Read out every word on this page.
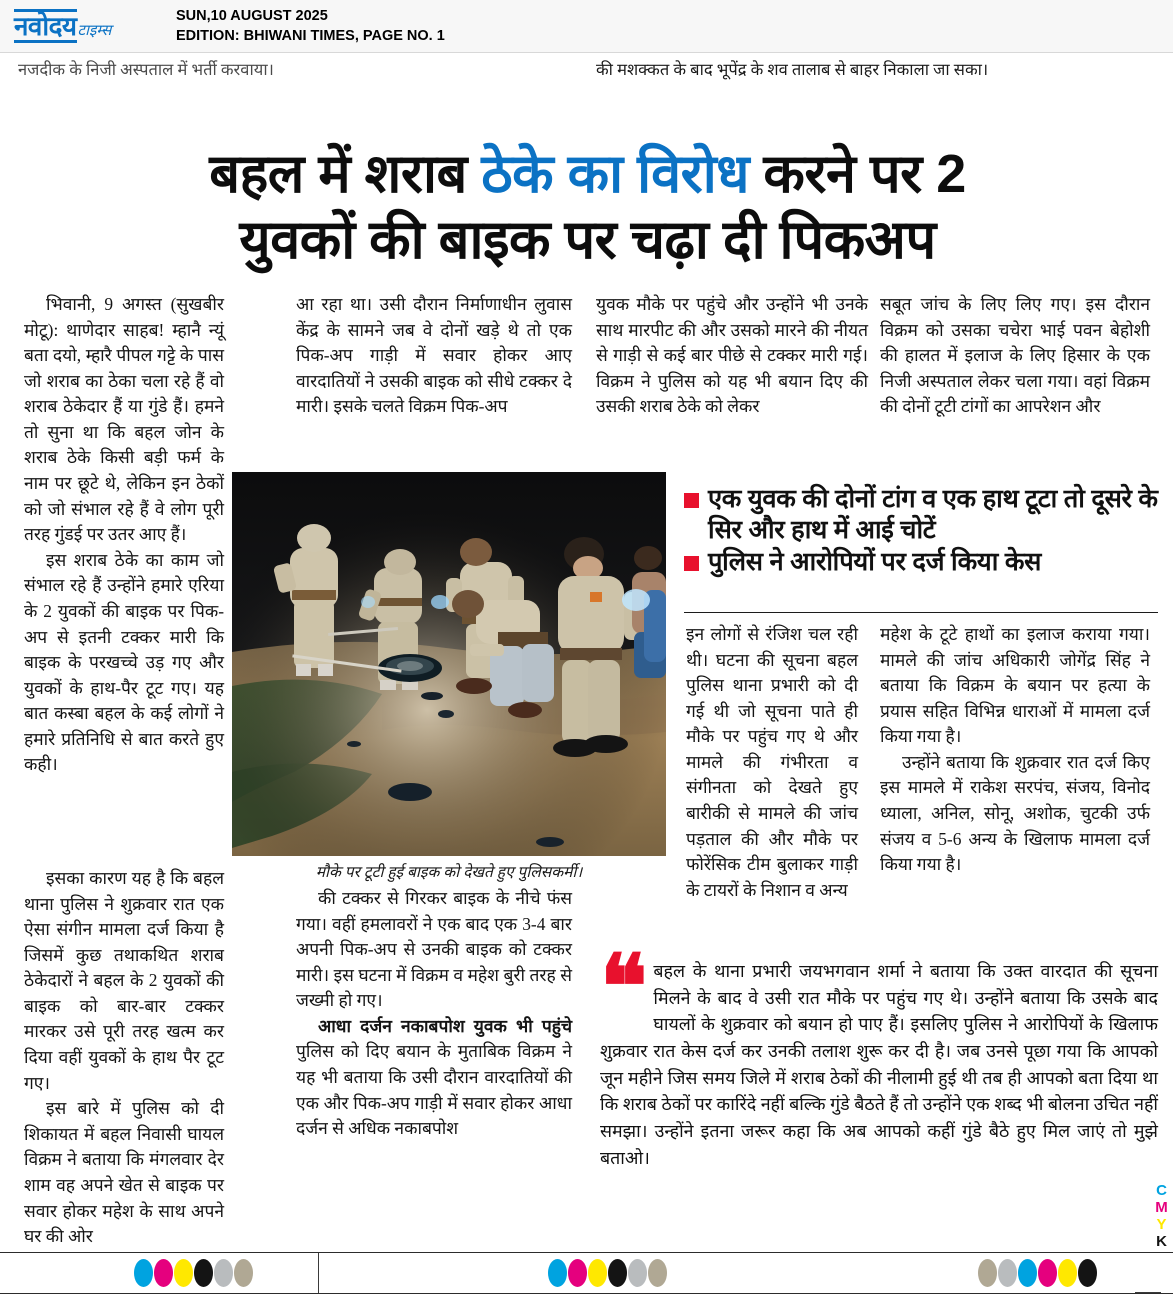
नवोदय टाइम्स
SUN,10 AUGUST 2025
EDITION: BHIWANI TIMES, PAGE NO. 1
नजदीक के निजी अस्पताल में भर्ती करवाया।	की मशक्कत के बाद भूपेंद्र के शव तालाब से बाहर निकाला जा सका।
बहल में शराब ठेके का विरोध करने पर 2
युवकों की बाइक पर चढ़ा दी पिकअप

भिवानी, 9 अगस्त (सुखबीर मोटू): थाणेदार साहब! म्हानै न्यूं बता दयो, म्हारै पीपल गट्टे के पास जो शराब का ठेका चला रहे हैं वो शराब ठेकेदार हैं या गुंडे हैं। हमने तो सुना था कि बहल जोन के शराब ठेके किसी बड़ी फर्म के नाम पर छूटे थे, लेकिन इन ठेकों को जो संभाल रहे हैं वे लोग पूरी तरह गुंडई पर उतर आए हैं।

इस शराब ठेके का काम जो संभाल रहे हैं उन्होंने हमारे एरिया के 2 युवकों की बाइक पर पिक-अप से इतनी टक्कर मारी कि बाइक के परखच्चे उड़ गए और युवकों के हाथ-पैर टूट गए। यह बात कस्बा बहल के कई लोगों ने हमारे प्रतिनिधि से बात करते हुए कही।

इसका कारण यह है कि बहल थाना पुलिस ने शुक्रवार रात एक ऐसा संगीन मामला दर्ज किया है जिसमें कुछ तथाकथित शराब ठेकेदारों ने बहल के 2 युवकों की बाइक को बार-बार टक्कर मारकर उसे पूरी तरह खत्म कर दिया वहीं युवकों के हाथ पैर टूट गए।

इस बारे में पुलिस को दी शिकायत में बहल निवासी घायल विक्रम ने बताया कि मंगलवार देर शाम वह अपने खेत से बाइक पर सवार होकर महेश के साथ अपने घर की ओर

आ रहा था। उसी दौरान निर्माणाधीन लुवास केंद्र के सामने जब वे दोनों खड़े थे तो एक पिक-अप गाड़ी में सवार होकर आए वारदातियों ने उसकी बाइक को सीधे टक्कर दे मारी। इसके चलते विक्रम पिक-अप

की टक्कर से गिरकर बाइक के नीचे फंस गया। वहीं हमलावरों ने एक बाद एक 3-4 बार अपनी पिक-अप से उनकी बाइक को टक्कर मारी। इस घटना में विक्रम व महेश बुरी तरह से जख्मी हो गए।

आधा दर्जन नकाबपोश युवक भी पहुंचे पुलिस को दिए बयान के मुताबिक विक्रम ने यह भी बताया कि उसी दौरान वारदातियों की एक और पिक-अप गाड़ी में सवार होकर आधा दर्जन से अधिक नकाबपोश

युवक मौके पर पहुंचे और उन्होंने भी उनके साथ मारपीट की और उसको मारने की नीयत से गाड़ी से कई बार पीछे से टक्कर मारी गई। विक्रम ने पुलिस को यह भी बयान दिए की उसकी शराब ठेके को लेकर

सबूत जांच के लिए लिए गए। इस दौरान विक्रम को उसका चचेरा भाई पवन बेहोशी की हालत में इलाज के लिए हिसार के एक निजी अस्पताल लेकर चला गया। वहां विक्रम की दोनों टूटी टांगों का आपरेशन और

मौके पर टूटी हुई बाइक को देखते हुए पुलिसकर्मी।
एक युवक की दोनों टांग व एक हाथ टूटा तो दूसरे के सिर और हाथ में आई चोटें
पुलिस ने आरोपियों पर दर्ज किया केस

इन लोगों से रंजिश चल रही थी। घटना की सूचना बहल पुलिस थाना प्रभारी को दी गई थी जो सूचना पाते ही मौके पर पहुंच गए थे और मामले की गंभीरता व संगीनता को देखते हुए बारीकी से मामले की जांच पड़ताल की और मौके पर फोरेंसिक टीम बुलाकर गाड़ी के टायरों के निशान व अन्य

महेश के टूटे हाथों का इलाज कराया गया। मामले की जांच अधिकारी जोगेंद्र सिंह ने बताया कि विक्रम के बयान पर हत्या के प्रयास सहित विभिन्न धाराओं में मामला दर्ज किया गया है।

उन्होंने बताया कि शुक्रवार रात दर्ज किए इस मामले में राकेश सरपंच, संजय, विनोद ध्याला, अनिल, सोनू, अशोक, चुटकी उर्फ संजय व 5-6 अन्य के खिलाफ मामला दर्ज किया गया है।

❝ बहल के थाना प्रभारी जयभगवान शर्मा ने बताया कि उक्त वारदात की सूचना मिलने के बाद वे उसी रात मौके पर पहुंच गए थे। उन्होंने बताया कि उसके बाद घायलों के शुक्रवार को बयान हो पाए हैं। इसलिए पुलिस ने आरोपियों के खिलाफ शुक्रवार रात केस दर्ज कर उनकी तलाश शुरू कर दी है। जब उनसे पूछा गया कि आपको जून महीने जिस समय जिले में शराब ठेकों की नीलामी हुई थी तब ही आपको बता दिया था कि शराब ठेकों पर कारिंदे नहीं बल्कि गुंडे बैठते हैं तो उन्होंने एक शब्द भी बोलना उचित नहीं समझा। उन्होंने इतना जरूर कहा कि अब आपको कहीं गुंडे बैठे हुए मिल जाएं तो मुझे बताओ।
CMYK
